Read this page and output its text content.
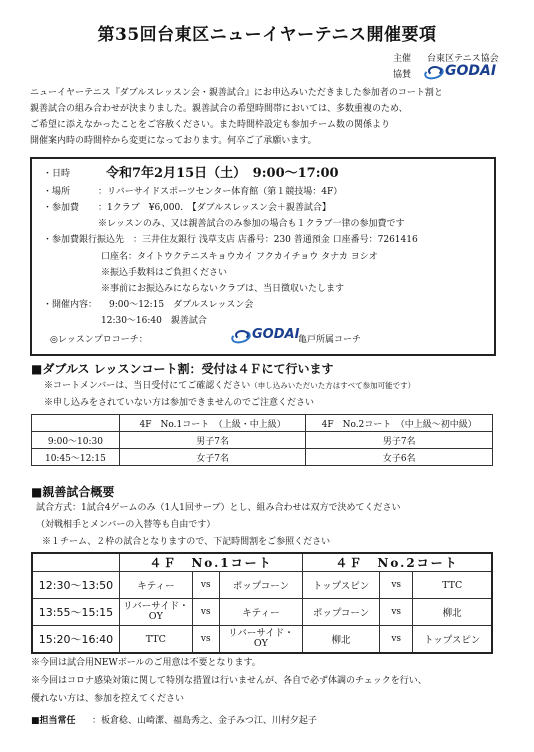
第35回台東区ニューイヤーテニス開催要項
主催 台東区テニス協会
協賛 GODAI
ニューイヤーテニス『ダブルスレッスン会・親善試合』にお申込みいただきました参加者のコート割と
親善試合の組み合わせが決まりました。親善試合の希望時間帯においては、多数重複のため、
ご希望に添えなかったことをご容赦ください。また時間枠設定も参加チーム数の関係より
開催案内時の時間枠から変更になっております。何卒ご了承願います。
・日時	令和7年2月15日（土）　9:00～17:00
・場所	：リバーサイドスポーツセンター体育館（第１競技場：4F）
・参加費 ：1クラブ　¥6,000.　【ダブルスレッスン会＋親善試合】
※レッスンのみ、又は親善試合のみ参加の場合も１クラブ一律の参加費です
・参加費銀行振込先 ：三井住友銀行 浅草支店 店番号：230 普通預金 口座番号：7261416
口座名：タイトウクテニスキョウカイ フクカイチョウ タナカ ヨシオ
※振込手数料はご負担ください
※事前にお振込みにならないクラブは、当日徴収いたします
・開催内容： 9:00～12:15　ダブルスレッスン会
12:30～16:40　親善試合
◎レッスンプロコーチ：	GODAI
亀戸所属コーチ
■ダブルス レッスンコート割：受付は４Ｆにて行います
※コートメンバーは、当日受付にてご確認ください（申し込みいただいた方はすべて参加可能です）
※申し込みをされていない方は参加できませんのでご注意ください
	4F　No.1コート　（上級・中上級）	4F　No.2コート　（中上級～初中級）
9:00～10:30	男子7名	男子7名
10:45～12:15	女子7名	女子6名
■親善試合概要
試合方式：1試合4ゲームのみ（1人1回サーブ）とし、組み合わせは双方で決めてください
（対戦相手とメンバーの入替等も自由です）
※１チーム、２枠の試合となりますので、下記時間割をご参照ください
	４Ｆ　No.1コート			４Ｆ　No.2コート		
12:30～13:50	キティー	vs	ポップコーン	トップスピン	vs	TTC
13:55～15:15	リバーサイド・OY	vs	キティー	ポップコーン	vs	柳北
15:20～16:40	TTC	vs	リバーサイド・OY	柳北	vs	トップスピン
※今回は試合用NEWボールのご用意は不要となります。
※今回はコロナ感染対策に関して特別な措置は行いませんが、各自で必ず体調のチェックを行い、
優れない方は、参加を控えてください
■担当常任 ：板倉稔、山崎潔、福島秀之、金子みつ江、川村夕起子
